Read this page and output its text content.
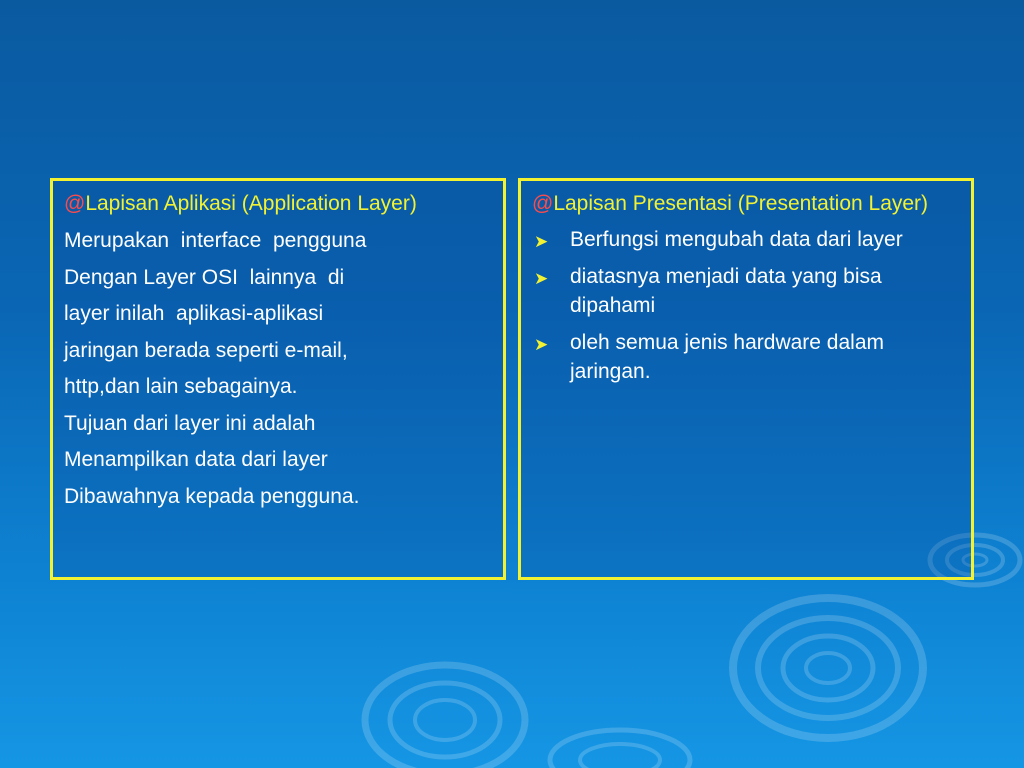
@Lapisan Aplikasi (Application Layer)

Merupakan  interface  pengguna

Dengan Layer OSI  lainnya  di

layer inilah  aplikasi-aplikasi

jaringan berada seperti e-mail,

http,dan lain sebagainya.

Tujuan dari layer ini adalah

Menampilkan data dari layer

Dibawahnya kepada pengguna.

@Lapisan Presentasi (Presentation Layer)

➤ Berfungsi mengubah data dari layer
➤ diatasnya menjadi data yang bisa dipahami
➤ oleh semua jenis hardware dalam jaringan.
